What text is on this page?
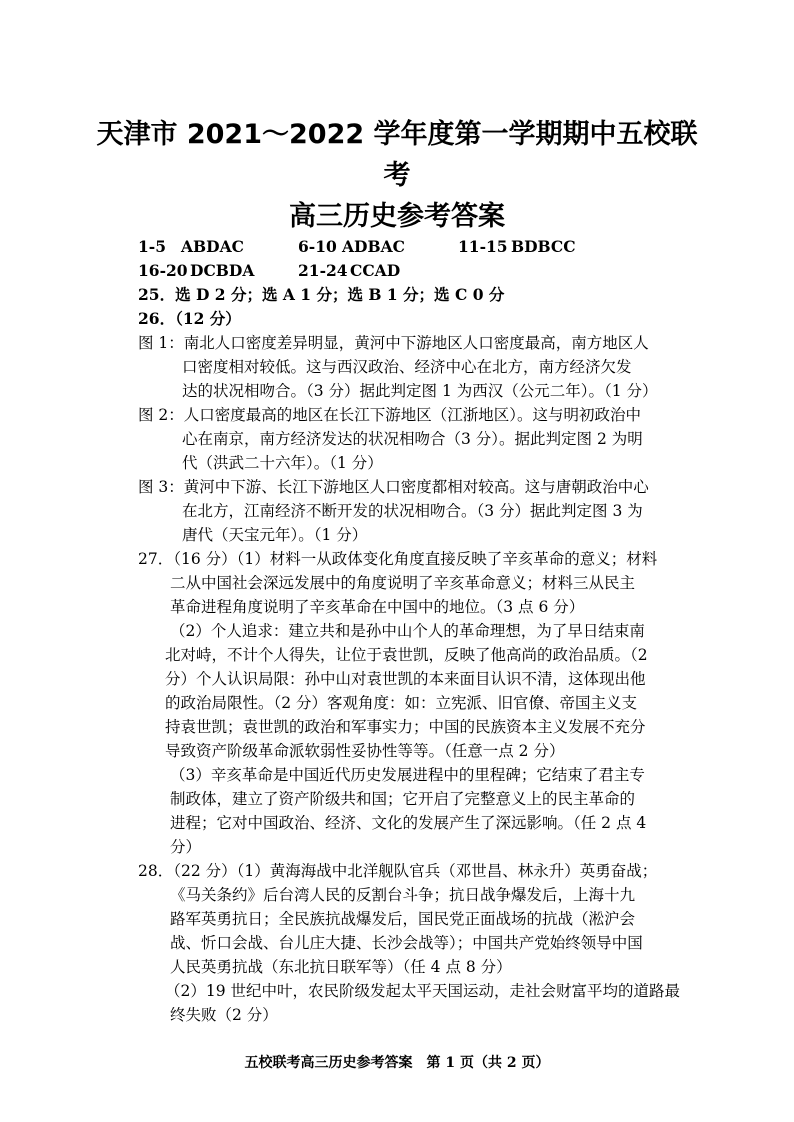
天津市 2021～2022 学年度第一学期期中五校联
考
高三历史参考答案
1-5 ABDAC	6-10 ADBAC	11-15 BDBCC
16-20 DCBDA	21-24 CCAD
25．选 D 2 分；选 A 1 分；选 B 1 分；选 C 0 分
26．（12 分）
图 1：南北人口密度差异明显，黄河中下游地区人口密度最高，南方地区人
口密度相对较低。这与西汉政治、经济中心在北方，南方经济欠发
达的状况相吻合。（3 分）据此判定图 1 为西汉（公元二年）。（1 分）
图 2：人口密度最高的地区在长江下游地区（江浙地区）。这与明初政治中
心在南京，南方经济发达的状况相吻合（3 分）。据此判定图 2 为明
代（洪武二十六年）。（1 分）
图 3：黄河中下游、长江下游地区人口密度都相对较高。这与唐朝政治中心
在北方，江南经济不断开发的状况相吻合。（3 分）据此判定图 3 为
唐代（天宝元年）。（1 分）
27．（16 分）（1）材料一从政体变化角度直接反映了辛亥革命的意义；材料
二从中国社会深远发展中的角度说明了辛亥革命意义；材料三从民主
革命进程角度说明了辛亥革命在中国中的地位。（3 点 6 分）
（2）个人追求：建立共和是孙中山个人的革命理想，为了早日结束南
北对峙，不计个人得失，让位于袁世凯，反映了他高尚的政治品质。（2
分）个人认识局限：孙中山对袁世凯的本来面目认识不清，这体现出他
的政治局限性。（2 分）客观角度：如：立宪派、旧官僚、帝国主义支
持袁世凯；袁世凯的政治和军事实力；中国的民族资本主义发展不充分
导致资产阶级革命派软弱性妥协性等等。（任意一点 2 分）
（3）辛亥革命是中国近代历史发展进程中的里程碑；它结束了君主专
制政体，建立了资产阶级共和国；它开启了完整意义上的民主革命的
进程；它对中国政治、经济、文化的发展产生了深远影响。（任 2 点 4
分）
28．（22 分）（1）黄海海战中北洋舰队官兵（邓世昌、林永升）英勇奋战；
《马关条约》后台湾人民的反割台斗争；抗日战争爆发后，上海十九
路军英勇抗日；全民族抗战爆发后，国民党正面战场的抗战（淞沪会
战、忻口会战、台儿庄大捷、长沙会战等）；中国共产党始终领导中国
人民英勇抗战（东北抗日联军等）（任 4 点 8 分）
（2）19 世纪中叶，农民阶级发起太平天国运动，走社会财富平均的道路最
终失败（2 分）
五校联考高三历史参考答案　第 1 页（共 2 页）
